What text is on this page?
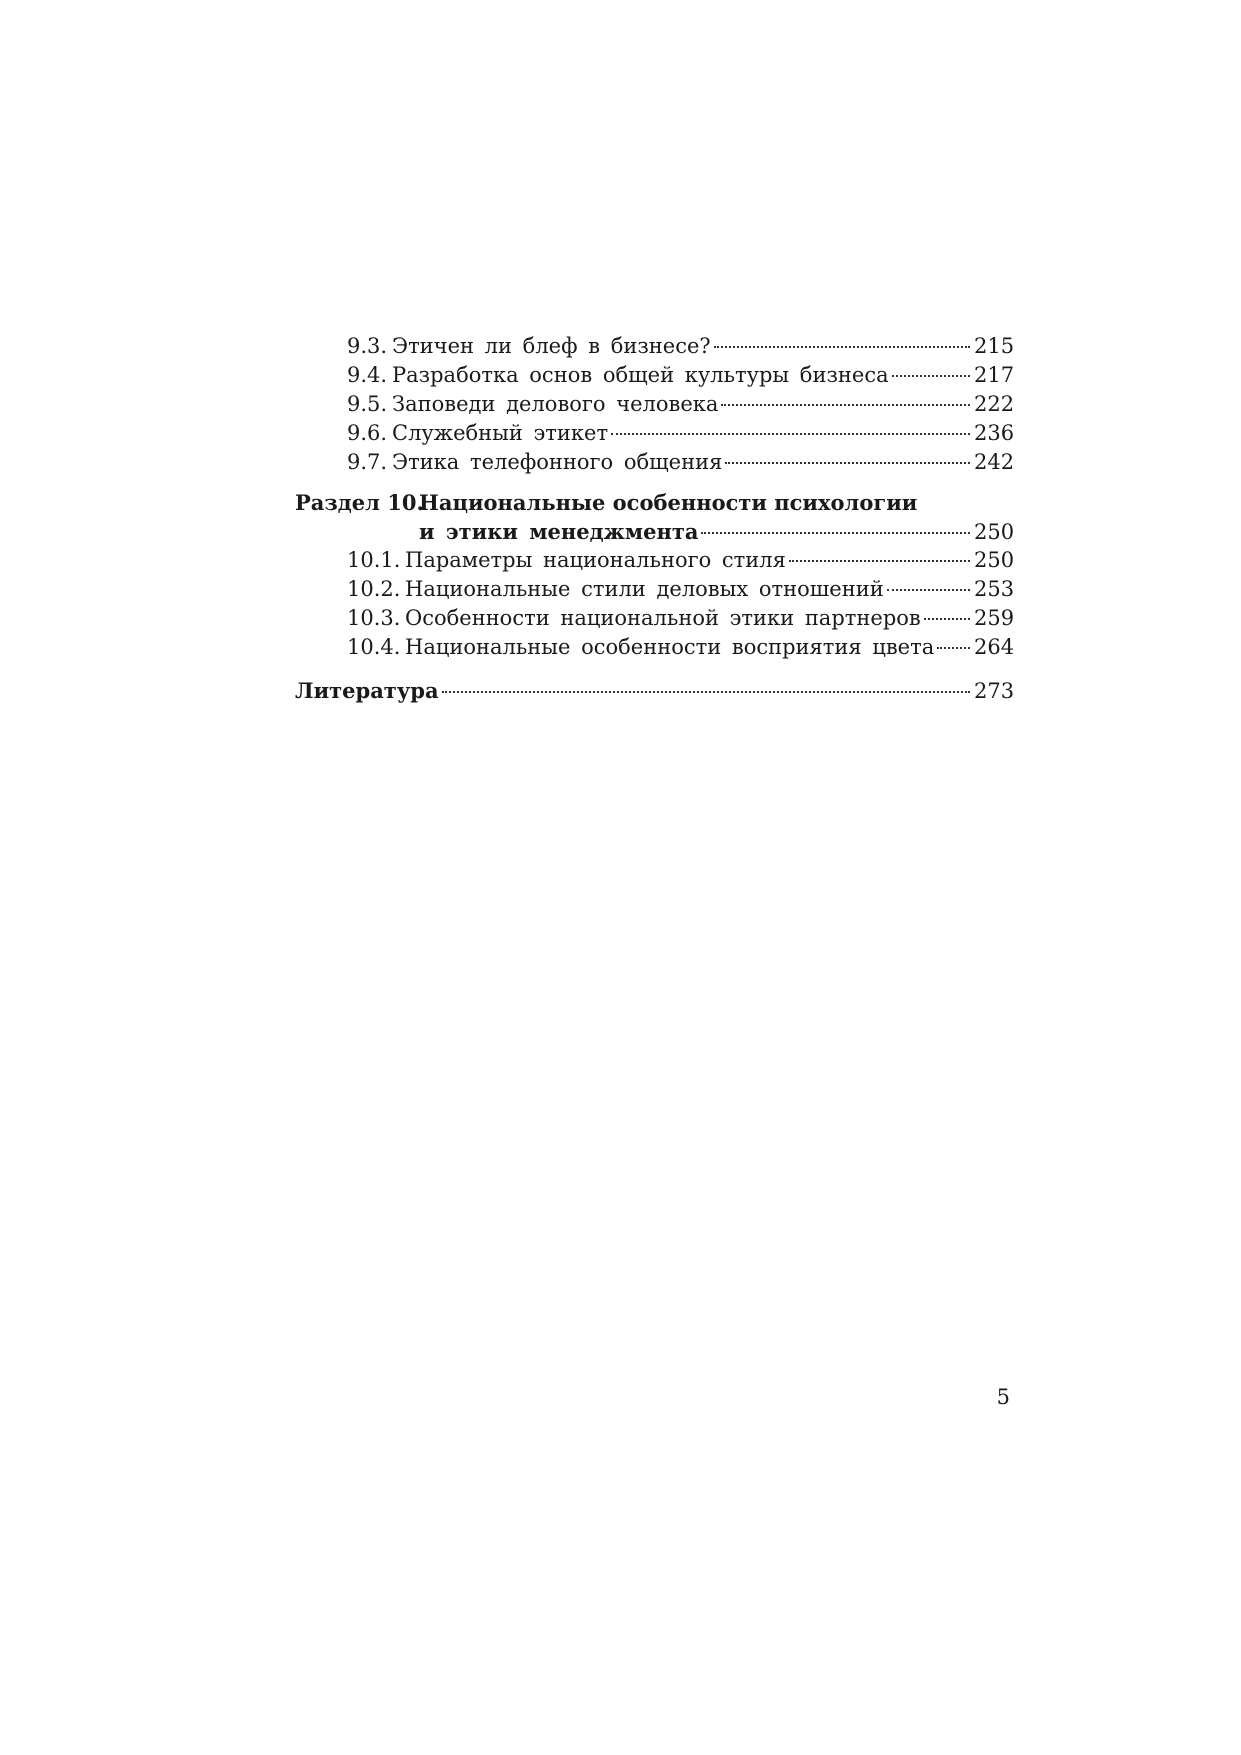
9.3. Этичен ли блеф в бизнесе?	215
9.4. Разработка основ общей культуры бизнеса	217
9.5. Заповеди делового человека	222
9.6. Служебный этикет	236
9.7. Этика телефонного общения	242
Раздел 10.Национальные особенности психологии
и этики менеджмента	250
10.1. Параметры национального стиля	250
10.2. Национальные стили деловых отношений	253
10.3. Особенности национальной этики партнеров	259
10.4. Национальные особенности восприятия цвета 264
Литература	273
5
